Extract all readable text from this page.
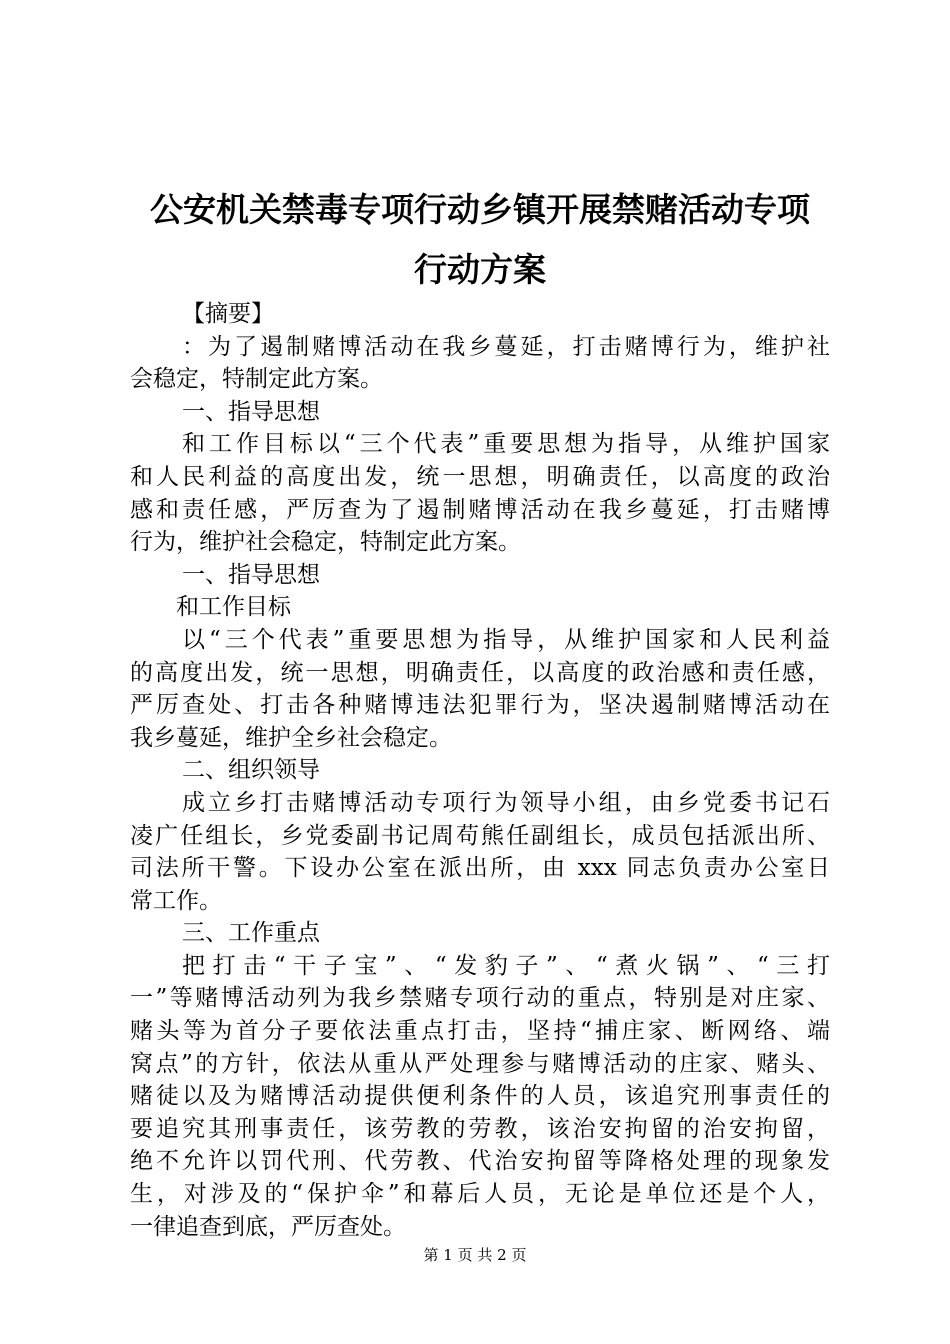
公安机关禁毒专项行动乡镇开展禁赌活动专项
行动方案
【摘要】
：为了遏制赌博活动在我乡蔓延，打击赌博行为，维护社
会稳定，特制定此方案。
一、指导思想
和工作目标以“三个代表”重要思想为指导，从维护国家
和人民利益的高度出发，统一思想，明确责任，以高度的政治
感和责任感，严厉查为了遏制赌博活动在我乡蔓延，打击赌博
行为，维护社会稳定，特制定此方案。
一、指导思想
和工作目标
以“三个代表”重要思想为指导，从维护国家和人民利益
的高度出发，统一思想，明确责任，以高度的政治感和责任感，
严厉查处、打击各种赌博违法犯罪行为，坚决遏制赌博活动在
我乡蔓延，维护全乡社会稳定。
二、组织领导
成立乡打击赌博活动专项行为领导小组，由乡党委书记石
凌广任组长，乡党委副书记周苟熊任副组长，成员包括派出所、
司法所干警。下设办公室在派出所，由 xxx 同志负责办公室日
常工作。
三、工作重点
把打击“干子宝”、“发豹子”、“煮火锅”、“三打
一”等赌博活动列为我乡禁赌专项行动的重点，特别是对庄家、
赌头等为首分子要依法重点打击，坚持“捕庄家、断网络、端
窝点”的方针，依法从重从严处理参与赌博活动的庄家、赌头、
赌徒以及为赌博活动提供便利条件的人员，该追究刑事责任的
要追究其刑事责任，该劳教的劳教，该治安拘留的治安拘留，
绝不允许以罚代刑、代劳教、代治安拘留等降格处理的现象发
生，对涉及的“保护伞”和幕后人员，无论是单位还是个人，
一律追查到底，严厉查处。
第 1 页 共 2 页
